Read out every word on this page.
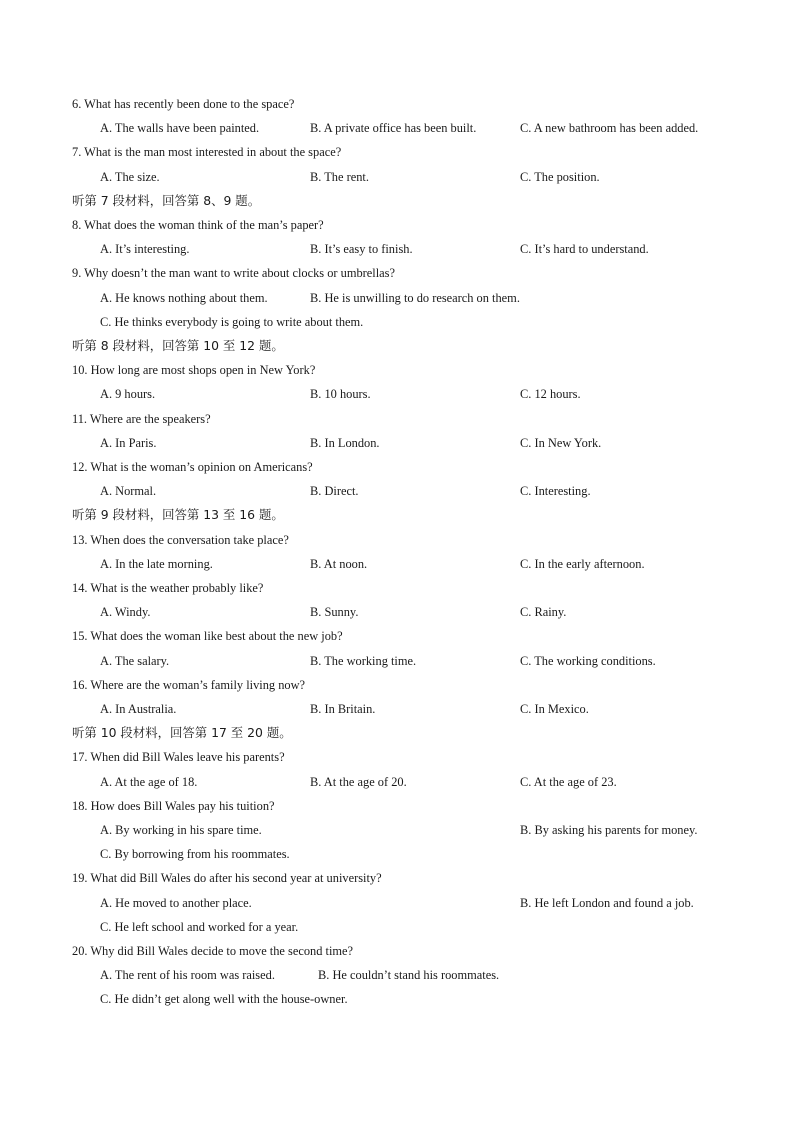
6. What has recently been done to the space?
A. The walls have been painted.	B. A private office has been built.	C. A new bathroom has been added.
7. What is the man most interested in about the space?
A. The size.	B. The rent.	C. The position.
听第 7 段材料，回答第 8、9 题。
8. What does the woman think of the man’s paper?
A. It’s interesting.	B. It’s easy to finish.	C. It’s hard to understand.
9. Why doesn’t the man want to write about clocks or umbrellas?
A. He knows nothing about them.	B. He is unwilling to do research on them.
C. He thinks everybody is going to write about them.
听第 8 段材料，回答第 10 至 12 题。
10. How long are most shops open in New York?
A. 9 hours.	B. 10 hours.	C. 12 hours.
11. Where are the speakers?
A. In Paris.	B. In London.	C. In New York.
12. What is the woman’s opinion on Americans?
A. Normal.	B. Direct.	C. Interesting.
听第 9 段材料，回答第 13 至 16 题。
13. When does the conversation take place?
A. In the late morning.	B. At noon.	C. In the early afternoon.
14. What is the weather probably like?
A. Windy.	B. Sunny.	C. Rainy.
15. What does the woman like best about the new job?
A. The salary.	B. The working time.	C. The working conditions.
16. Where are the woman’s family living now?
A. In Australia.	B. In Britain.	C. In Mexico.
听第 10 段材料，回答第 17 至 20 题。
17. When did Bill Wales leave his parents?
A. At the age of 18.	B. At the age of 20.	C. At the age of 23.
18. How does Bill Wales pay his tuition?
A. By working in his spare time.	B. By asking his parents for money.
C. By borrowing from his roommates.
19. What did Bill Wales do after his second year at university?
A. He moved to another place.	B. He left London and found a job.
C. He left school and worked for a year.
20. Why did Bill Wales decide to move the second time?
A. The rent of his room was raised.	B. He couldn’t stand his roommates.
C. He didn’t get along well with the house-owner.
